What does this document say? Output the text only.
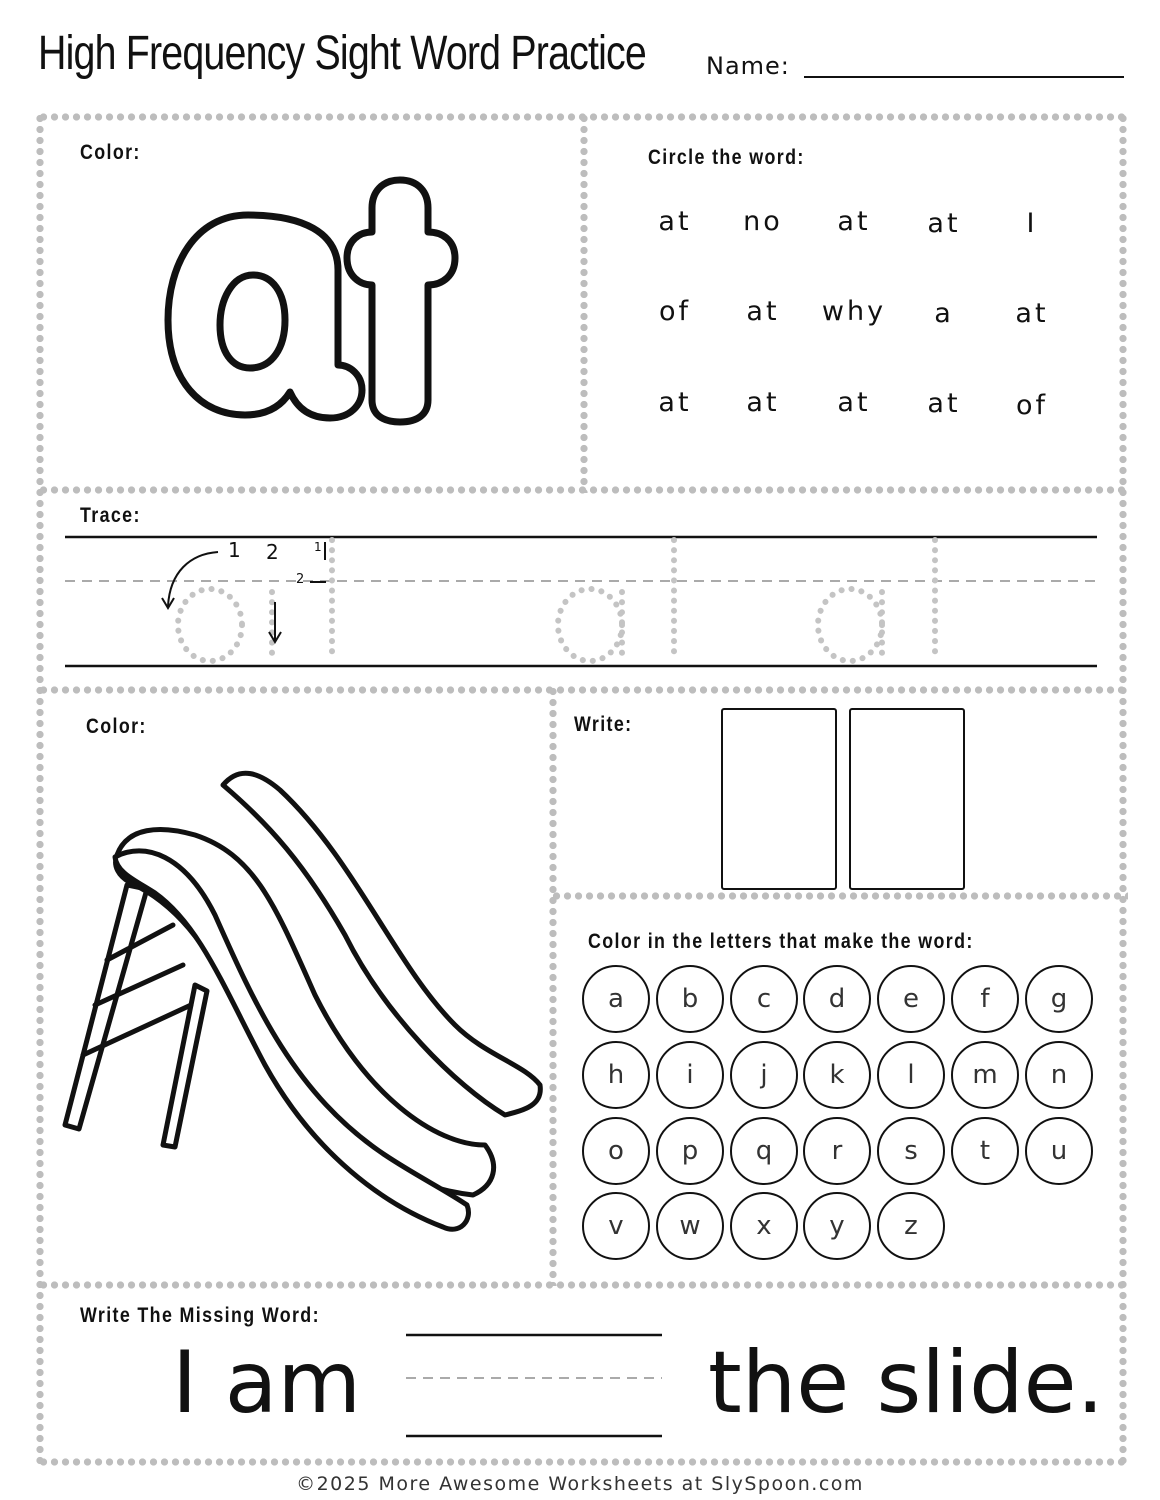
High Frequency Sight Word Practice	Name:
Color:	Circle the word:
at	no	at	at	I
of	at	why	a	at
at	at	at	at	of
Trace:
1 2	1
2
Color:	Write:
Color in the letters that make the word:
a	b	c	d	e	f	g
h	i	j	k	l	m	n
o	p	q	r	s	t	u
v	w	x	y	z
Write The Missing Word:
I am	the slide.
©2025 More Awesome Worksheets at SlySpoon.com
